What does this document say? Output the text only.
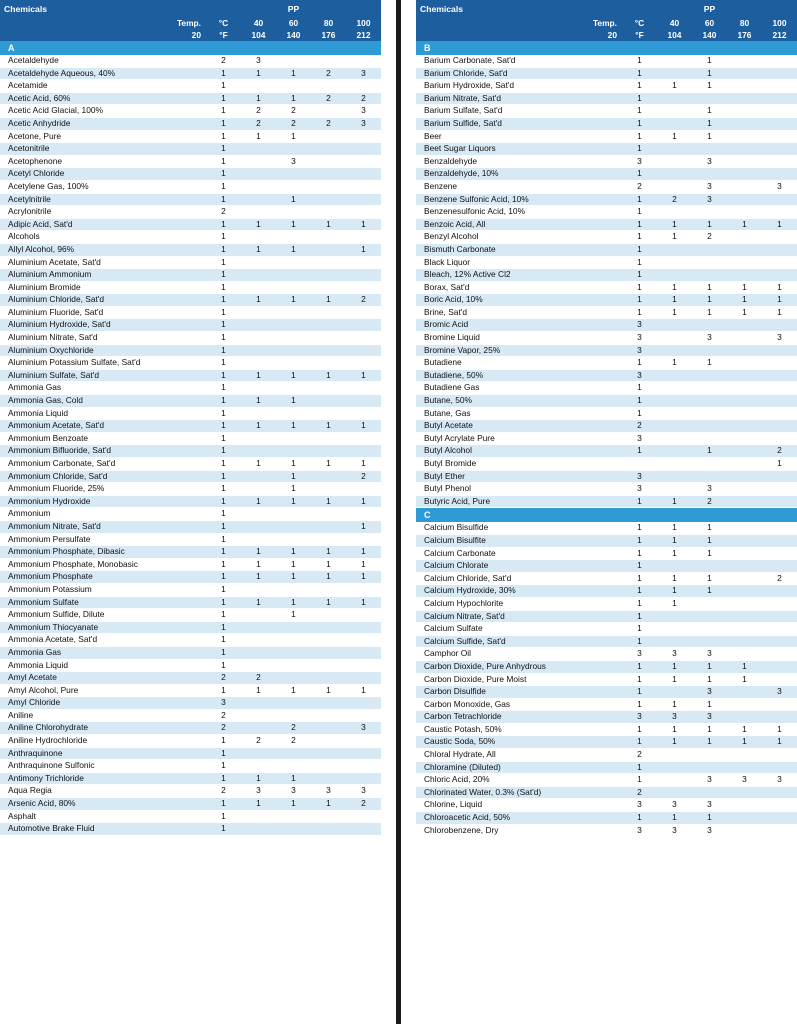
Chemicals	PP				
Temp.	°C	40	60	80	100
20	°F	104	140	176	212
A					
Acetaldehyde	2	3			
Acetaldehyde Aqueous, 40%	1	1	1	2	3
Acetamide	1				
Acetic Acid, 60%	1	1	1	2	2
Acetic Acid Glacial, 100%	1	2	2		3
Acetic Anhydride	1	2	2	2	3
Acetone, Pure	1	1	1		
Acetonitrile	1				
Acetophenone	1		3		
Acetyl Chloride	1				
Acetylene Gas, 100%	1				
Acetylnitrile	1		1		
Acrylonitrile	2				
Adipic Acid, Sat'd	1	1	1	1	1
Alcohols	1				
Allyl Alcohol, 96%	1	1	1		1
Aluminium Acetate, Sat'd	1				
Aluminium Ammonium	1				
Aluminium Bromide	1				
Aluminium Chloride, Sat'd	1	1	1	1	2
Aluminium Fluoride, Sat'd	1				
Aluminium Hydroxide, Sat'd	1				
Aluminium Nitrate, Sat'd	1				
Aluminium Oxychloride	1				
Aluminium Potassium Sulfate, Sat'd	1				
Aluminium Sulfate, Sat'd	1	1	1	1	1
Ammonia Gas	1				
Ammonia Gas, Cold	1	1	1		
Ammonia Liquid	1				
Ammonium Acetate, Sat'd	1	1	1	1	1
Ammonium Benzoate	1				
Ammonium Bifluoride, Sat'd	1				
Ammonium Carbonate, Sat'd	1	1	1	1	1
Ammonium Chloride, Sat'd	1		1		2
Ammonium Fluoride, 25%	1		1		
Ammonium Hydroxide	1	1	1	1	1
Ammonium	1				
Ammonium Nitrate, Sat'd	1				1
Ammonium Persulfate	1				
Ammonium Phosphate, Dibasic	1	1	1	1	1
Ammonium Phosphate, Monobasic	1	1	1	1	1
Ammonium Phosphate	1	1	1	1	1
Ammonium Potassium	1				
Ammonium Sulfate	1	1	1	1	1
Ammonium Sulfide, Dilute	1		1		
Ammonium Thiocyanate	1				
Ammonia Acetate, Sat'd	1				
Ammonia Gas	1				
Ammonia Liquid	1				
Amyl Acetate	2	2			
Amyl Alcohol, Pure	1	1	1	1	1
Amyl Chloride	3				
Aniline	2				
Aniline Chlorohydrate	2		2		3
Aniline Hydrochloride	1	2	2		
Anthraquinone	1				
Anthraquinone Sulfonic	1				
Antimony Trichloride	1	1	1		
Aqua Regia	2	3	3	3	3
Arsenic Acid, 80%	1	1	1	1	2
Asphalt	1				
Automotive Brake Fluid	1				
Chemicals	PP				
Temp.	°C	40	60	80	100
20	°F	104	140	176	212
B					
Barium Carbonate, Sat'd	1		1		
Barium Chloride, Sat'd	1		1		
Barium Hydroxide, Sat'd	1	1	1		
Barium Nitrate, Sat'd	1				
Barium Sulfate, Sat'd	1		1		
Barium Sulfide, Sat'd	1		1		
Beer	1	1	1		
Beet Sugar Liquors	1				
Benzaldehyde	3		3		
Benzaldehyde, 10%	1				
Benzene	2		3		3
Benzene Sulfonic Acid, 10%	1	2	3		
Benzenesulfonic Acid, 10%	1				
Benzoic Acid, All	1	1	1	1	1
Benzyl Alcohol	1	1	2		
Bismuth Carbonate	1				
Black Liquor	1				
Bleach, 12% Active Cl2	1				
Borax, Sat'd	1	1	1	1	1
Boric Acid, 10%	1	1	1	1	1
Brine, Sat'd	1	1	1	1	1
Bromic Acid	3				
Bromine Liquid	3		3		3
Bromine Vapor, 25%	3				
Butadiene	1	1	1		
Butadiene, 50%	3				
Butadiene Gas	1				
Butane, 50%	1				
Butane, Gas	1				
Butyl Acetate	2				
Butyl Acrylate Pure	3				
Butyl Alcohol	1		1		2
Butyl Bromide					1
Butyl Ether	3				
Butyl Phenol	3		3		
Butyric Acid, Pure	1	1	2		
C					
Calcium Bisulfide	1	1	1		
Calcium Bisulfite	1	1	1		
Calcium Carbonate	1	1	1		
Calcium Chlorate	1				
Calcium Chloride, Sat'd	1	1	1		2
Calcium Hydroxide, 30%	1	1	1		
Calcium Hypochlorite	1	1			
Calcium Nitrate, Sat'd	1				
Calcium Sulfate	1				
Calcium Sulfide, Sat'd	1				
Camphor Oil	3	3	3		
Carbon Dioxide, Pure Anhydrous	1	1	1	1	
Carbon Dioxide, Pure Moist	1	1	1	1	
Carbon Disulfide	1		3		3
Carbon Monoxide, Gas	1	1	1		
Carbon Tetrachloride	3	3	3		
Caustic Potash, 50%	1	1	1	1	1
Caustic Soda, 50%	1	1	1	1	1
Chloral Hydrate, All	2				
Chloramine (Diluted)	1				
Chloric Acid, 20%	1		3	3	3
Chlorinated Water, 0.3% (Sat'd)	2				
Chlorine, Liquid	3	3	3		
Chloroacetic Acid, 50%	1	1	1		
Chlorobenzene, Dry	3	3	3		
